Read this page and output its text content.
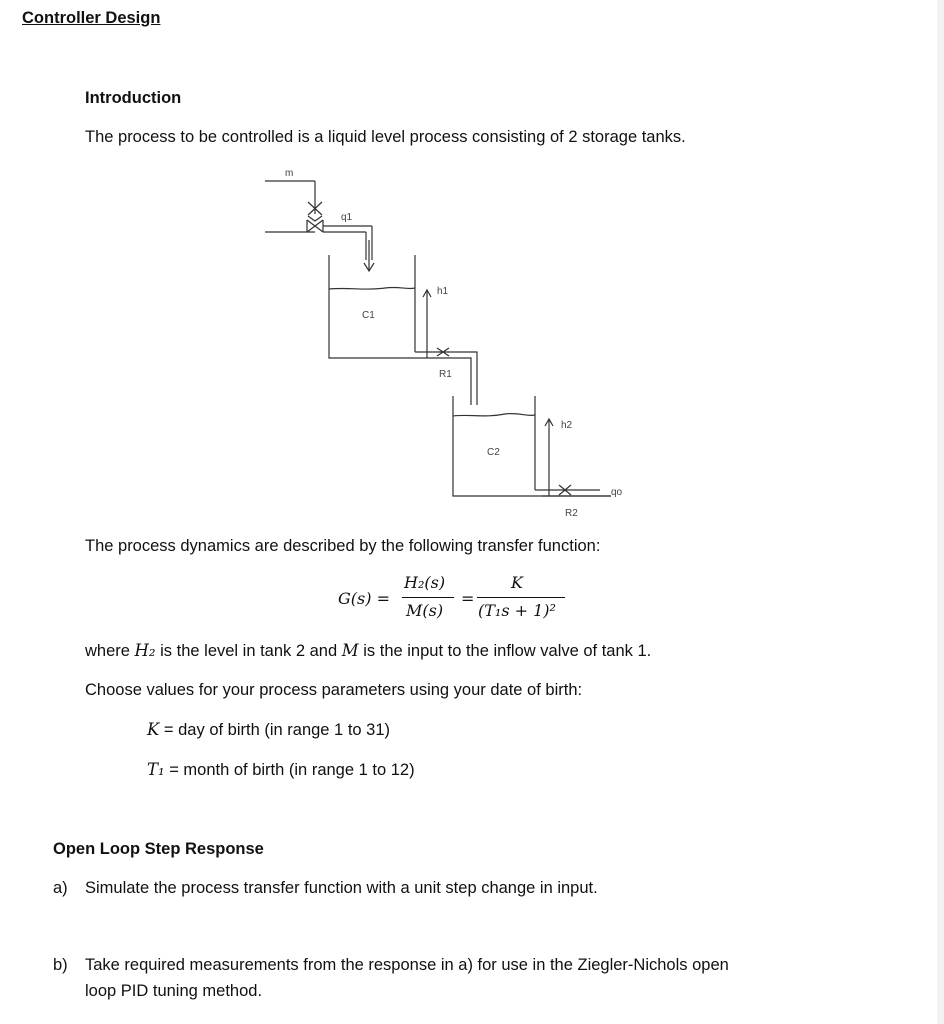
Controller Design
Introduction
The process to be controlled is a liquid level process consisting of 2 storage tanks.
m
q1
h1
C1
R1
C2
h2
qo
R2
The process dynamics are described by the following transfer function:
G(s) =
H₂(s)
M(s)
=
K
(T₁s + 1)²
where H₂ is the level in tank 2 and M is the input to the inflow valve of tank 1.
Choose values for your process parameters using your date of birth:
K = day of birth (in range 1 to 31)
T₁ = month of birth (in range 1 to 12)
Open Loop Step Response
a) Simulate the process transfer function with a unit step change in input.
b) Take required measurements from the response in a) for use in the Ziegler-Nichols open
loop PID tuning method.
